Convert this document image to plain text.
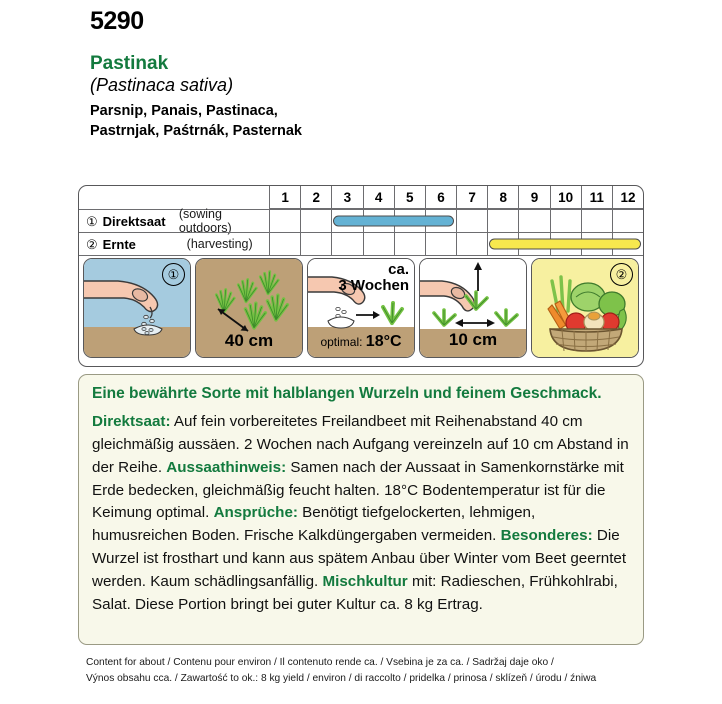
5290
Pastinak
(Pastinaca sativa)
Parsnip, Panais, Pastinaca,
Pastrnjak, Paśtrnák, Pasternak
1	2	3	4	5	6	7	8	9	10	11	12
① Direktsaat	(sowing outdoors)
② Ernte	(harvesting)
①
40 cm
ca.
3 Wochen
optimal: 18°C	10 cm
②
Eine bewährte Sorte mit halblangen Wurzeln und feinem Geschmack.
Direktsaat: Auf fein vorbereitetes Freilandbeet mit Reihenabstand 40 cm gleichmäßig aussäen. 2 Wochen nach Aufgang vereinzeln auf 10 cm Abstand in der Reihe. Aussaathinweis: Samen nach der Aussaat in Samenkornstärke mit Erde bedecken, gleichmäßig feucht halten. 18°C Bodentemperatur ist für die Keimung optimal. Ansprüche: Benötigt tiefgelockerten, lehmigen, humusreichen Boden. Frische Kalkdüngergaben vermeiden. Besonderes: Die Wurzel ist frosthart und kann aus spätem Anbau über Winter vom Beet geerntet werden. Kaum schädlingsanfällig. Mischkultur mit: Radieschen, Frühkohlrabi, Salat. Diese Portion bringt bei guter Kultur ca. 8 kg Ertrag.
Content for about / Contenu pour environ / Il contenuto rende ca. / Vsebina je za ca. / Sadržaj daje oko /
Výnos obsahu cca. / Zawartość to ok.: 8 kg yield / environ / di raccolto / pridelka / prinosa / sklízeň / úrodu / źniwa
